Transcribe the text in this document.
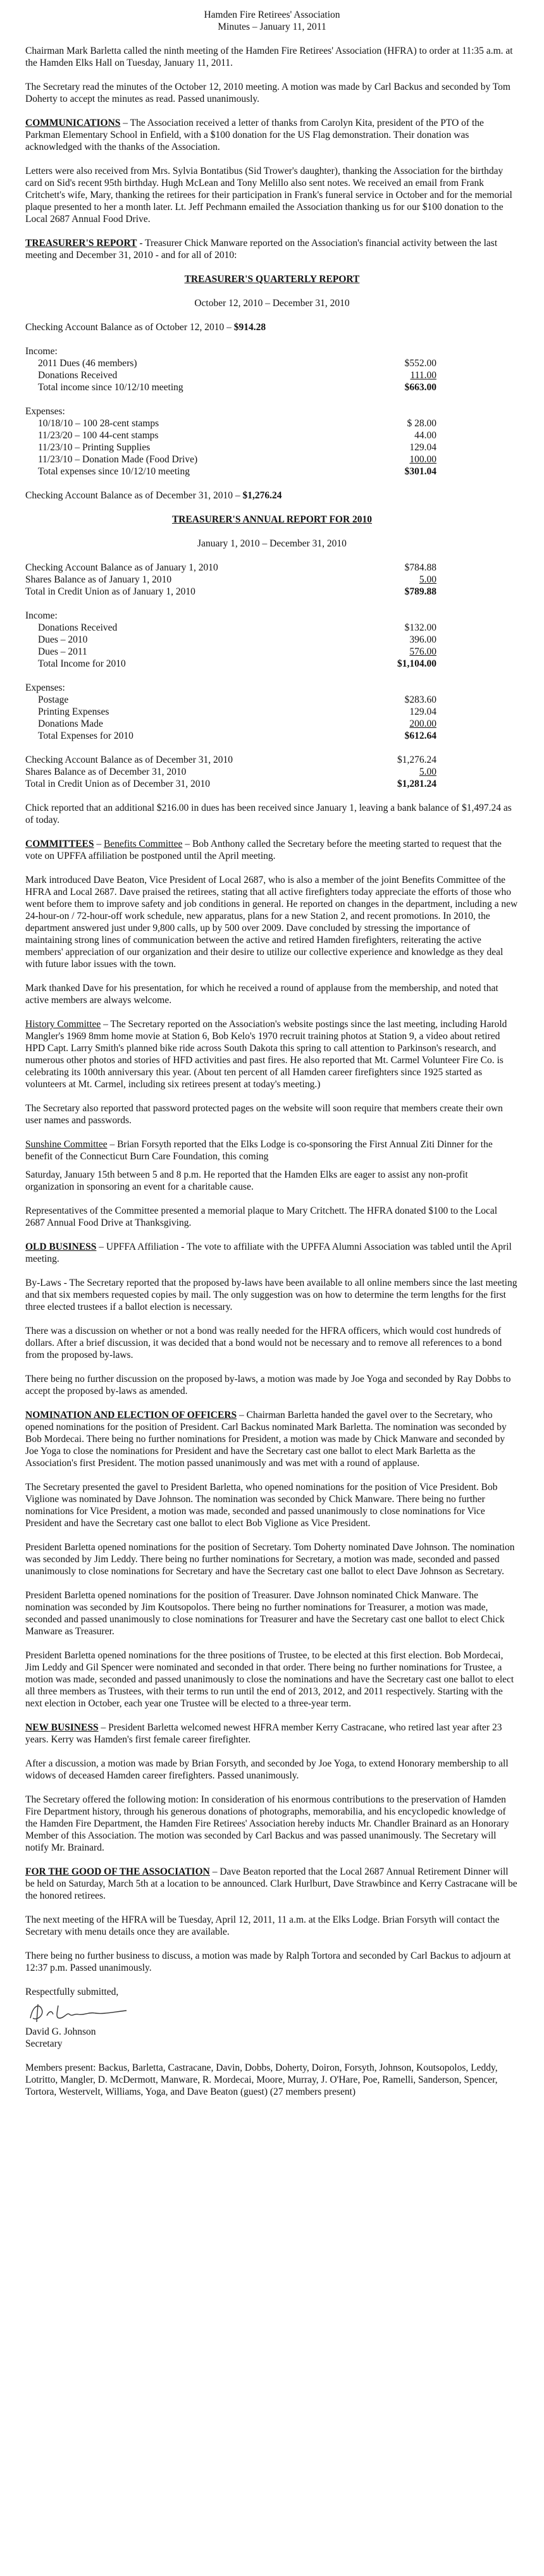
Hamden Fire Retirees' Association
Minutes – January 11, 2011

Chairman Mark Barletta called the ninth meeting of the Hamden Fire Retirees' Association (HFRA) to order at 11:35 a.m. at the Hamden Elks Hall on Tuesday, January 11, 2011.

The Secretary read the minutes of the October 12, 2010 meeting. A motion was made by Carl Backus and seconded by Tom Doherty to accept the minutes as read. Passed unanimously.

COMMUNICATIONS – The Association received a letter of thanks from Carolyn Kita, president of the PTO of the Parkman Elementary School in Enfield, with a $100 donation for the US Flag demonstration. Their donation was acknowledged with the thanks of the Association.

Letters were also received from Mrs. Sylvia Bontatibus (Sid Trower's daughter), thanking the Association for the birthday card on Sid's recent 95th birthday. Hugh McLean and Tony Melillo also sent notes. We received an email from Frank Critchett's wife, Mary, thanking the retirees for their participation in Frank's funeral service in October and for the memorial plaque presented to her a month later. Lt. Jeff Pechmann emailed the Association thanking us for our $100 donation to the Local 2687 Annual Food Drive.

TREASURER'S REPORT - Treasurer Chick Manware reported on the Association's financial activity between the last meeting and December 31, 2010 - and for all of 2010:

TREASURER'S QUARTERLY REPORT
October 12, 2010 – December 31, 2010
Checking Account Balance as of October 12, 2010 – $914.28
Income:
2011 Dues (46 members)	$552.00
Donations Received	111.00
Total income since 10/12/10 meeting	$663.00
Expenses:
10/18/10 – 100 28-cent stamps	$ 28.00
11/23/20 – 100 44-cent stamps	44.00
11/23/10 – Printing Supplies	129.04
11/23/10 – Donation Made (Food Drive)	100.00
Total expenses since 10/12/10 meeting	$301.04
Checking Account Balance as of December 31, 2010 – $1,276.24
TREASURER'S ANNUAL REPORT FOR 2010
January 1, 2010 – December 31, 2010
Checking Account Balance as of January 1, 2010	$784.88
Shares Balance as of January 1, 2010	5.00
Total in Credit Union as of January 1, 2010	$789.88
Income:
Donations Received	$132.00
Dues – 2010	396.00
Dues – 2011	576.00
Total Income for 2010	$1,104.00
Expenses:
Postage	$283.60
Printing Expenses	129.04
Donations Made	200.00
Total Expenses for 2010	$612.64
Checking Account Balance as of December 31, 2010	$1,276.24
Shares Balance as of December 31, 2010	5.00
Total in Credit Union as of December 31, 2010	$1,281.24

Chick reported that an additional $216.00 in dues has been received since January 1, leaving a bank balance of $1,497.24 as of today.

COMMITTEES – Benefits Committee – Bob Anthony called the Secretary before the meeting started to request that the vote on UPFFA affiliation be postponed until the April meeting.

Mark introduced Dave Beaton, Vice President of Local 2687, who is also a member of the joint Benefits Committee of the HFRA and Local 2687. Dave praised the retirees, stating that all active firefighters today appreciate the efforts of those who went before them to improve safety and job conditions in general. He reported on changes in the department, including a new 24-hour-on / 72-hour-off work schedule, new apparatus, plans for a new Station 2, and recent promotions. In 2010, the department answered just under 9,800 calls, up by 500 over 2009. Dave concluded by stressing the importance of maintaining strong lines of communication between the active and retired Hamden firefighters, reiterating the active members' appreciation of our organization and their desire to utilize our collective experience and knowledge as they deal with future labor issues with the town.

Mark thanked Dave for his presentation, for which he received a round of applause from the membership, and noted that active members are always welcome.

History Committee – The Secretary reported on the Association's website postings since the last meeting, including Harold Mangler's 1969 8mm home movie at Station 6, Bob Kelo's 1970 recruit training photos at Station 9, a video about retired HPD Capt. Larry Smith's planned bike ride across South Dakota this spring to call attention to Parkinson's research, and numerous other photos and stories of HFD activities and past fires. He also reported that Mt. Carmel Volunteer Fire Co. is celebrating its 100th anniversary this year. (About ten percent of all Hamden career firefighters since 1925 started as volunteers at Mt. Carmel, including six retirees present at today's meeting.)

The Secretary also reported that password protected pages on the website will soon require that members create their own user names and passwords.

Sunshine Committee – Brian Forsyth reported that the Elks Lodge is co-sponsoring the First Annual Ziti Dinner for the benefit of the Connecticut Burn Care Foundation, this coming

Saturday, January 15th between 5 and 8 p.m. He reported that the Hamden Elks are eager to assist any non-profit organization in sponsoring an event for a charitable cause.

Representatives of the Committee presented a memorial plaque to Mary Critchett. The HFRA donated $100 to the Local 2687 Annual Food Drive at Thanksgiving.

OLD BUSINESS – UPFFA Affiliation - The vote to affiliate with the UPFFA Alumni Association was tabled until the April meeting.

By-Laws - The Secretary reported that the proposed by-laws have been available to all online members since the last meeting and that six members requested copies by mail. The only suggestion was on how to determine the term lengths for the first three elected trustees if a ballot election is necessary.

There was a discussion on whether or not a bond was really needed for the HFRA officers, which would cost hundreds of dollars. After a brief discussion, it was decided that a bond would not be necessary and to remove all references to a bond from the proposed by-laws.

There being no further discussion on the proposed by-laws, a motion was made by Joe Yoga and seconded by Ray Dobbs to accept the proposed by-laws as amended.

NOMINATION AND ELECTION OF OFFICERS – Chairman Barletta handed the gavel over to the Secretary, who opened nominations for the position of President. Carl Backus nominated Mark Barletta. The nomination was seconded by Bob Mordecai. There being no further nominations for President, a motion was made by Chick Manware and seconded by Joe Yoga to close the nominations for President and have the Secretary cast one ballot to elect Mark Barletta as the Association's first President. The motion passed unanimously and was met with a round of applause.

The Secretary presented the gavel to President Barletta, who opened nominations for the position of Vice President. Bob Viglione was nominated by Dave Johnson. The nomination was seconded by Chick Manware. There being no further nominations for Vice President, a motion was made, seconded and passed unanimously to close nominations for Vice President and have the Secretary cast one ballot to elect Bob Viglione as Vice President.

President Barletta opened nominations for the position of Secretary. Tom Doherty nominated Dave Johnson. The nomination was seconded by Jim Leddy. There being no further nominations for Secretary, a motion was made, seconded and passed unanimously to close nominations for Secretary and have the Secretary cast one ballot to elect Dave Johnson as Secretary.

President Barletta opened nominations for the position of Treasurer. Dave Johnson nominated Chick Manware. The nomination was seconded by Jim Koutsopolos. There being no further nominations for Treasurer, a motion was made, seconded and passed unanimously to close nominations for Treasurer and have the Secretary cast one ballot to elect Chick Manware as Treasurer.

President Barletta opened nominations for the three positions of Trustee, to be elected at this first election. Bob Mordecai, Jim Leddy and Gil Spencer were nominated and seconded in that order. There being no further nominations for Trustee, a motion was made, seconded and passed unanimously to close the nominations and have the Secretary cast one ballot to elect all three members as Trustees, with their terms to run until the end of 2013, 2012, and 2011 respectively. Starting with the next election in October, each year one Trustee will be elected to a three-year term.

NEW BUSINESS – President Barletta welcomed newest HFRA member Kerry Castracane, who retired last year after 23 years. Kerry was Hamden's first female career firefighter.

After a discussion, a motion was made by Brian Forsyth, and seconded by Joe Yoga, to extend Honorary membership to all widows of deceased Hamden career firefighters. Passed unanimously.

The Secretary offered the following motion: In consideration of his enormous contributions to the preservation of Hamden Fire Department history, through his generous donations of photographs, memorabilia, and his encyclopedic knowledge of the Hamden Fire Department, the Hamden Fire Retirees' Association hereby inducts Mr. Chandler Brainard as an Honorary Member of this Association. The motion was seconded by Carl Backus and was passed unanimously. The Secretary will notify Mr. Brainard.

FOR THE GOOD OF THE ASSOCIATION – Dave Beaton reported that the Local 2687 Annual Retirement Dinner will be held on Saturday, March 5th at a location to be announced. Clark Hurlburt, Dave Strawbince and Kerry Castracane will be the honored retirees.

The next meeting of the HFRA will be Tuesday, April 12, 2011, 11 a.m. at the Elks Lodge. Brian Forsyth will contact the Secretary with menu details once they are available.

There being no further business to discuss, a motion was made by Ralph Tortora and seconded by Carl Backus to adjourn at 12:37 p.m. Passed unanimously.

Respectfully submitted,
David G. Johnson
Secretary

Members present: Backus, Barletta, Castracane, Davin, Dobbs, Doherty, Doiron, Forsyth, Johnson, Koutsopolos, Leddy, Lotritto, Mangler, D. McDermott, Manware, R. Mordecai, Moore, Murray, J. O'Hare, Poe, Ramelli, Sanderson, Spencer, Tortora, Westervelt, Williams, Yoga, and Dave Beaton (guest) (27 members present)
